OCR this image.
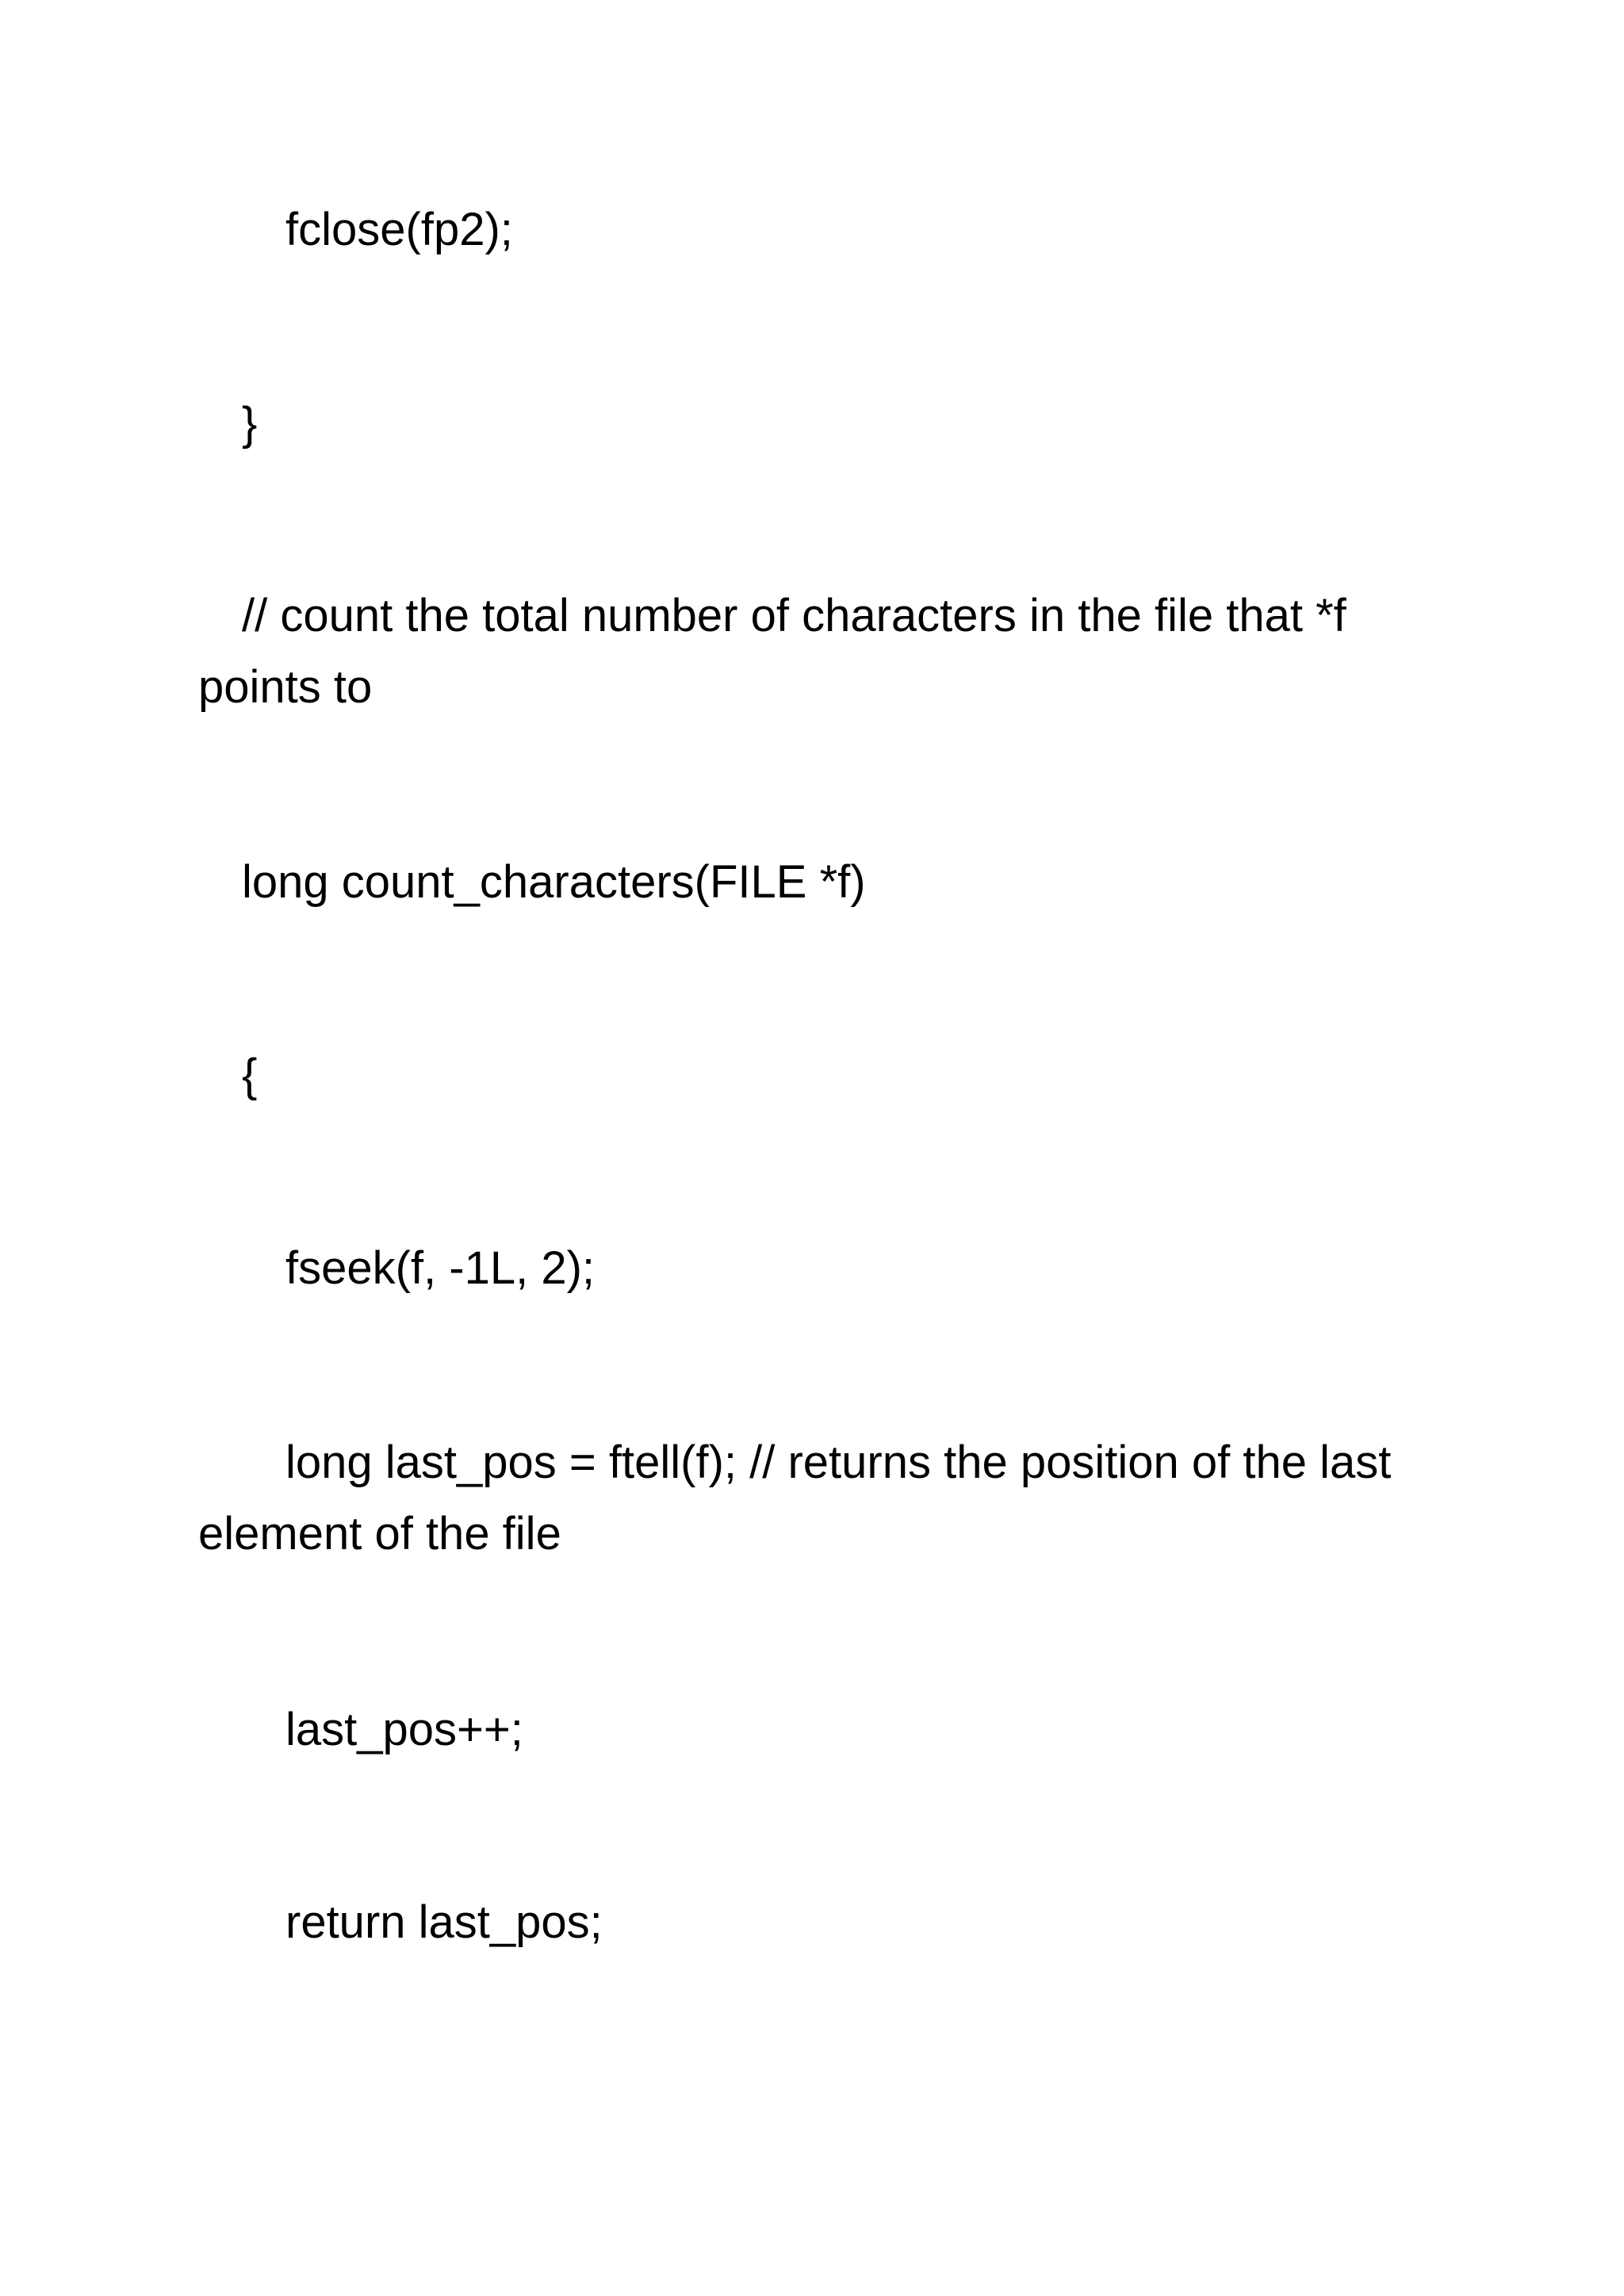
fclose(fp2);

}

// count the total number of characters in the file that *f

points to

long count_characters(FILE *f)

{

fseek(f, -1L, 2);

long last_pos = ftell(f); // returns the position of the last

element of the file

last_pos++;

return last_pos;
